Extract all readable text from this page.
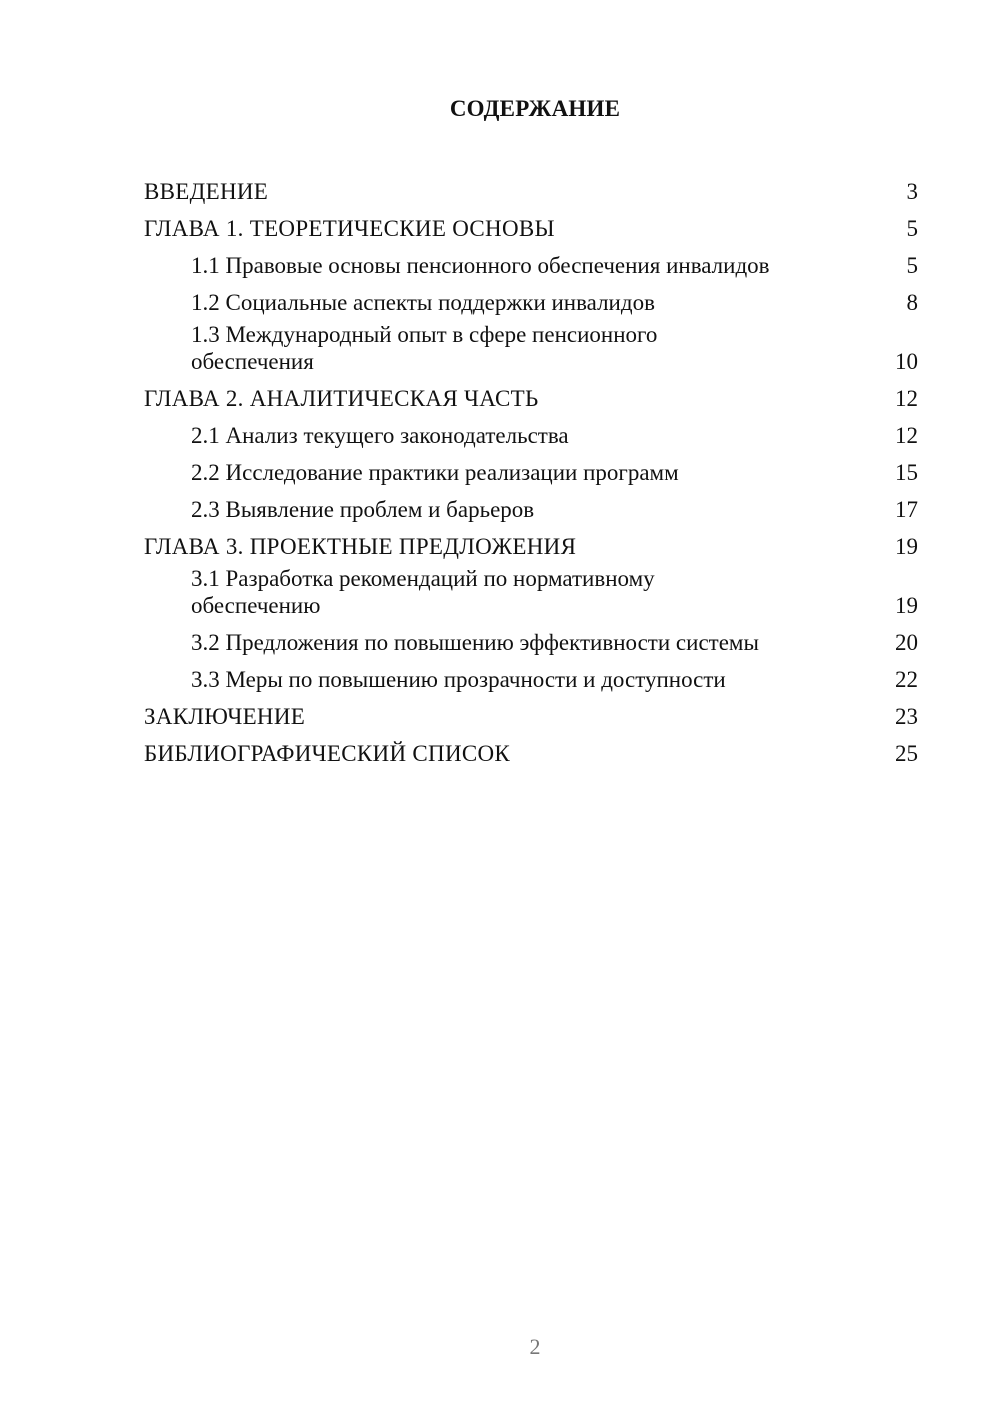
СОДЕРЖАНИЕ
ВВЕДЕНИЕ	3
ГЛАВА 1. ТЕОРЕТИЧЕСКИЕ ОСНОВЫ	5
1.1 Правовые основы пенсионного обеспечения инвалидов	5
1.2 Социальные аспекты поддержки инвалидов	8
1.3 Международный опыт в сфере пенсионного обеспечения	10
ГЛАВА 2. АНАЛИТИЧЕСКАЯ ЧАСТЬ	12
2.1 Анализ текущего законодательства	12
2.2 Исследование практики реализации программ	15
2.3 Выявление проблем и барьеров	17
ГЛАВА 3. ПРОЕКТНЫЕ ПРЕДЛОЖЕНИЯ	19
3.1 Разработка рекомендаций по нормативному обеспечению	19
3.2 Предложения по повышению эффективности системы	20
3.3 Меры по повышению прозрачности и доступности	22
ЗАКЛЮЧЕНИЕ	23
БИБЛИОГРАФИЧЕСКИЙ СПИСОК	25
2
